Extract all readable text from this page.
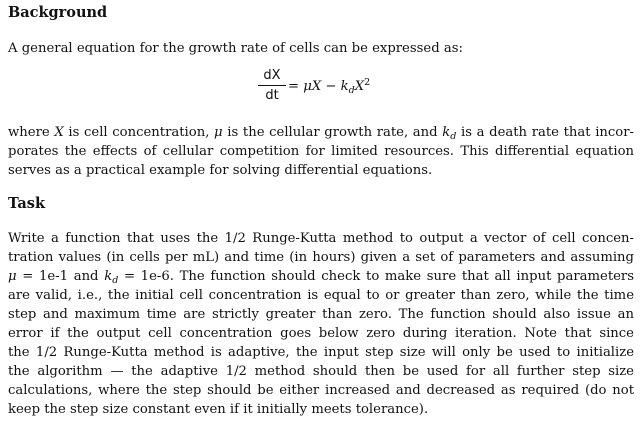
Background
A general equation for the growth rate of cells can be expressed as:
dX
dt
= $\mu X - k_dX^2$
where X is cell concentration, μ is the cellular growth rate, and $k_d$ is a death rate that incor-
porates the effects of cellular competition for limited resources. This differential equation
serves as a practical example for solving differential equations.
Task
Write a function that uses the 1/2 Runge-Kutta method to output a vector of cell concen-
tration values (in cells per mL) and time (in hours) given a set of parameters and assuming
μ = 1e-1 and $k_d = 1e-6$. The function should check to make sure that all input parameters
are valid, i.e., the initial cell concentration is equal to or greater than zero, while the time
step and maximum time are strictly greater than zero. The function should also issue an
error if the output cell concentration goes below zero during iteration. Note that since
the 1/2 Runge-Kutta method is adaptive, the input step size will only be used to initialize
the algorithm — the adaptive 1/2 method should then be used for all further step size
calculations, where the step should be either increased and decreased as required (do not
keep the step size constant even if it initially meets tolerance).
